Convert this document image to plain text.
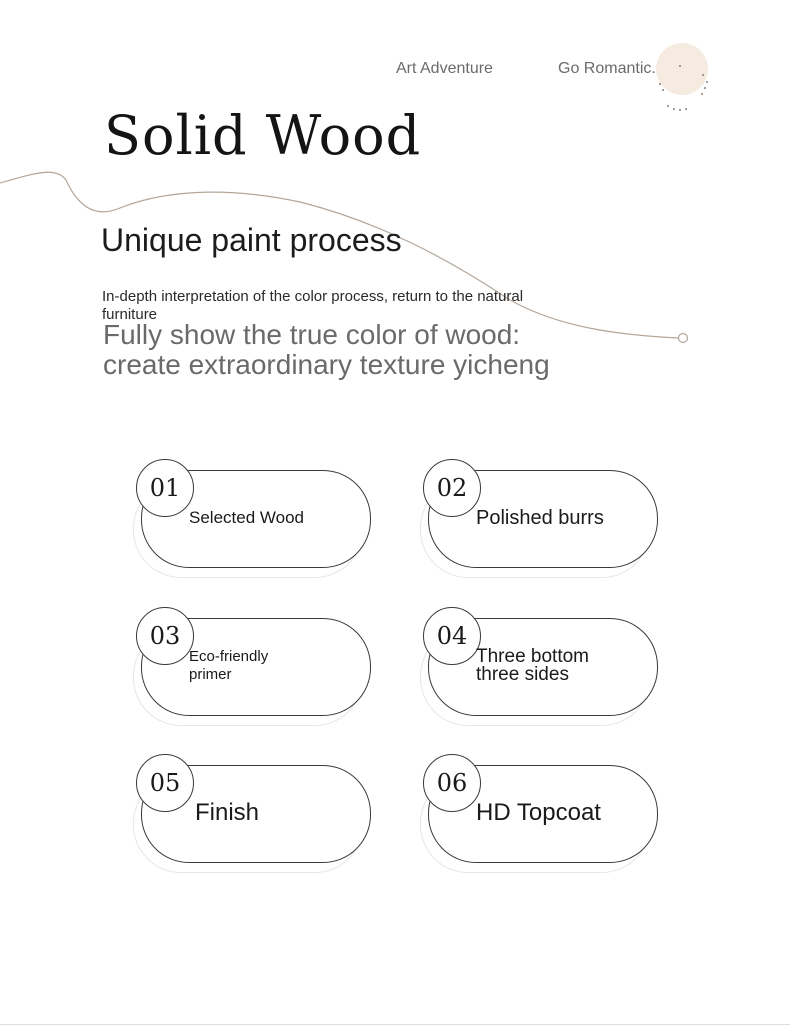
Art Adventure	Go Romantic.
Solid Wood
Unique paint process
In-depth interpretation of the color process, return to the natural furniture
Fully show the true color of wood: create extraordinary texture yicheng
01
Selected Wood
02
Polished burrs
03
Eco-friendly primer
04
Three bottom three sides
05
Finish
06
HD Topcoat
